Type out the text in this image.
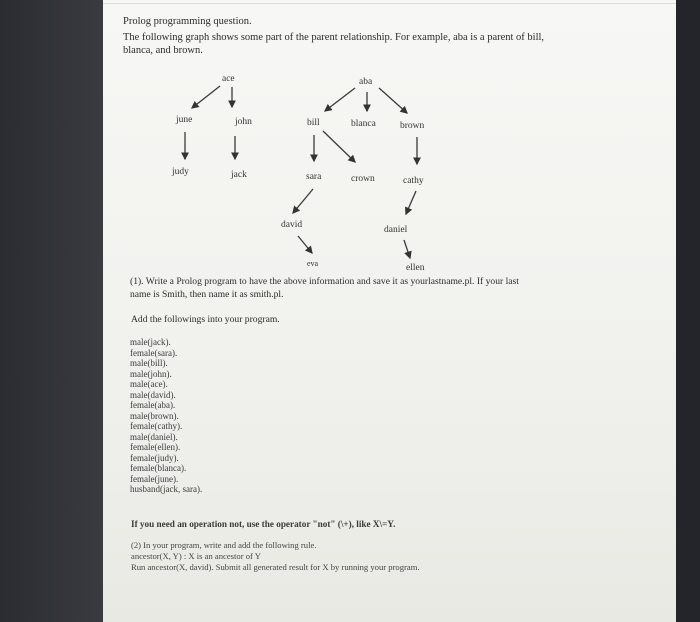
Prolog programming question.
The following graph shows some part of the parent relationship. For example, aba is a parent of bill,
blanca, and brown.
ace
june	john
judy	jack
aba
bill	blanca	brown
sara	crown	cathy
david	daniel
eva	ellen
(1). Write a Prolog program to have the above information and save it as yourlastname.pl. If your last
name is Smith, then name it as smith.pl.
Add the followings into your program.
male(jack).
female(sara).
male(bill).
male(john).
male(ace).
male(david).
female(aba).
male(brown).
female(cathy).
male(daniel).
female(ellen).
female(judy).
female(blanca).
female(june).
husband(jack, sara).
If you need an operation not, use the operator "not" (\+), like X\=Y.
(2) In your program, write and add the following rule.
ancestor(X, Y) : X is an ancestor of Y
Run ancestor(X, david). Submit all generated result for X by running your program.
